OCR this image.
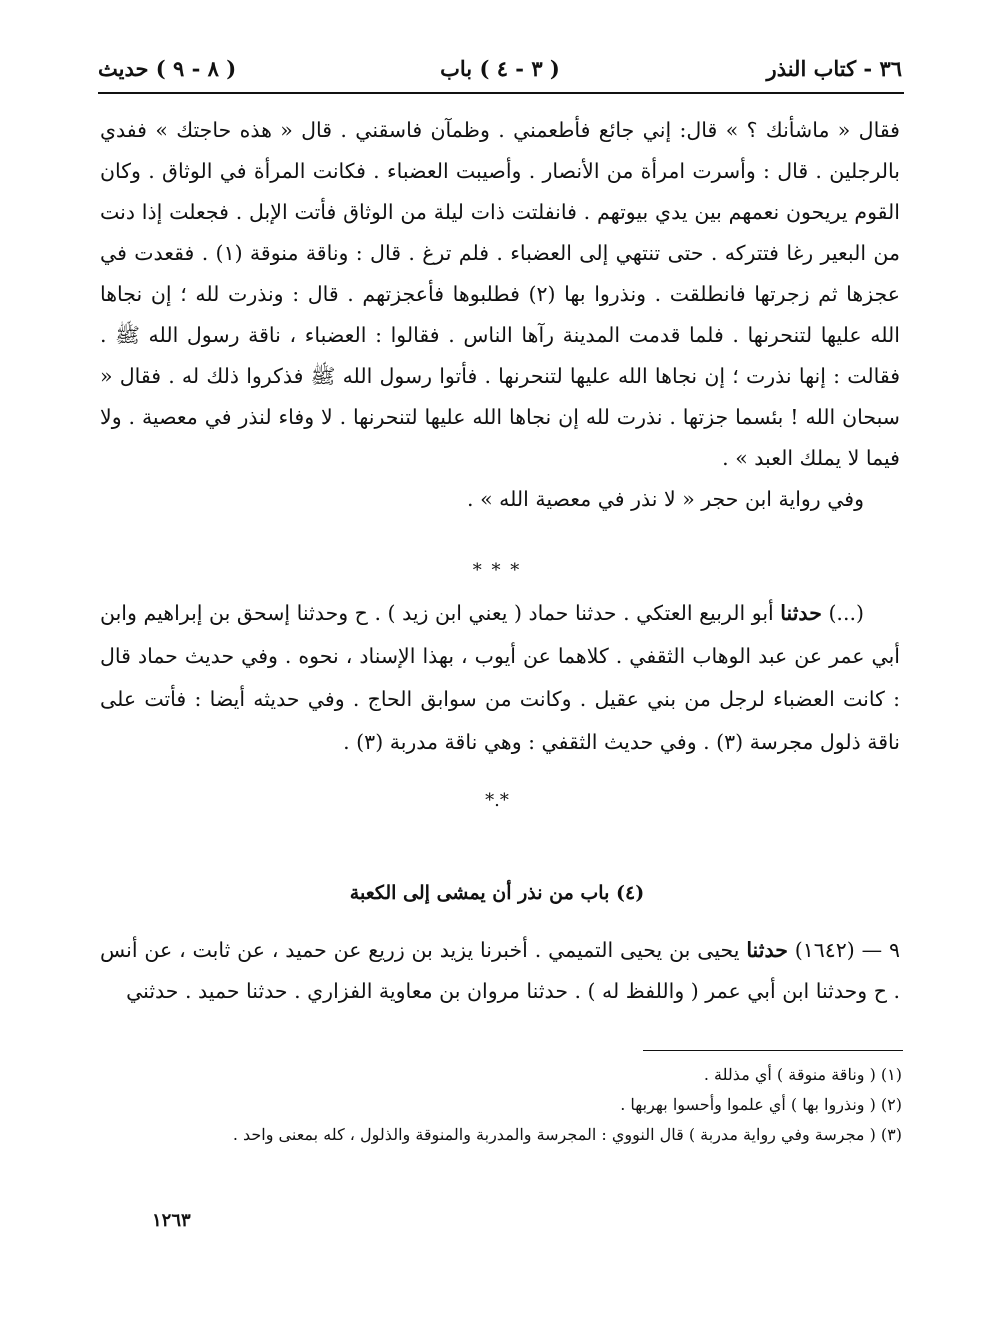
٣٦ - كتاب النذر
( ٣ - ٤ ) باب
( ٨ - ٩ ) حديث

فقال « ماشأنك ؟ » قال: إني جائع فأطعمني . وظمآن فاسقني . قال « هذه حاجتك » ففدي بالرجلين . قال : وأسرت امرأة من الأنصار . وأصيبت العضباء . فكانت المرأة في الوثاق . وكان القوم يريحون نعمهم بين يدي بيوتهم . فانفلتت ذات ليلة من الوثاق فأتت الإبل . فجعلت إذا دنت من البعير رغا فتتركه . حتى تنتهي إلى العضباء . فلم ترغ . قال : وناقة منوقة (١) . فقعدت في عجزها ثم زجرتها فانطلقت . ونذروا بها (٢) فطلبوها فأعجزتهم . قال : ونذرت لله ؛ إن نجاها الله عليها لتنحرنها . فلما قدمت المدينة رآها الناس . فقالوا : العضباء ، ناقة رسول الله ﷺ . فقالت : إنها نذرت ؛ إن نجاها الله عليها لتنحرنها . فأتوا رسول الله ﷺ فذكروا ذلك له . فقال « سبحان الله ! بئسما جزتها . نذرت لله إن نجاها الله عليها لتنحرنها . لا وفاء لنذر في معصية . ولا فيما لا يملك العبد » .

وفي رواية ابن حجر « لا نذر في معصية الله » .

* * *

(...) حدثنا أبو الربيع العتكي . حدثنا حماد ( يعني ابن زيد ) . ح وحدثنا إسحق بن إبراهيم وابن أبي عمر عن عبد الوهاب الثقفي . كلاهما عن أيوب ، بهذا الإسناد ، نحوه . وفي حديث حماد قال : كانت العضباء لرجل من بني عقيل . وكانت من سوابق الحاج . وفي حديثه أيضا : فأتت على ناقة ذلول مجرسة (٣) . وفي حديث الثقفي : وهي ناقة مدربة (٣) .

*.*
(٤) باب من نذر أن يمشى إلى الكعبة

٩ — (١٦٤٢) حدثنا يحيى بن يحيى التميمي . أخبرنا يزيد بن زريع عن حميد ، عن ثابت ، عن أنس . ح وحدثنا ابن أبي عمر ( واللفظ له ) . حدثنا مروان بن معاوية الفزاري . حدثنا حميد . حدثني

(١) ( وناقة منوقة ) أي مذللة .
(٢) ( ونذروا بها ) أي علموا وأحسوا بهربها .
(٣) ( مجرسة وفي رواية مدربة ) قال النووي : المجرسة والمدربة والمنوقة والذلول ، كله بمعنى واحد .
١٢٦٣
